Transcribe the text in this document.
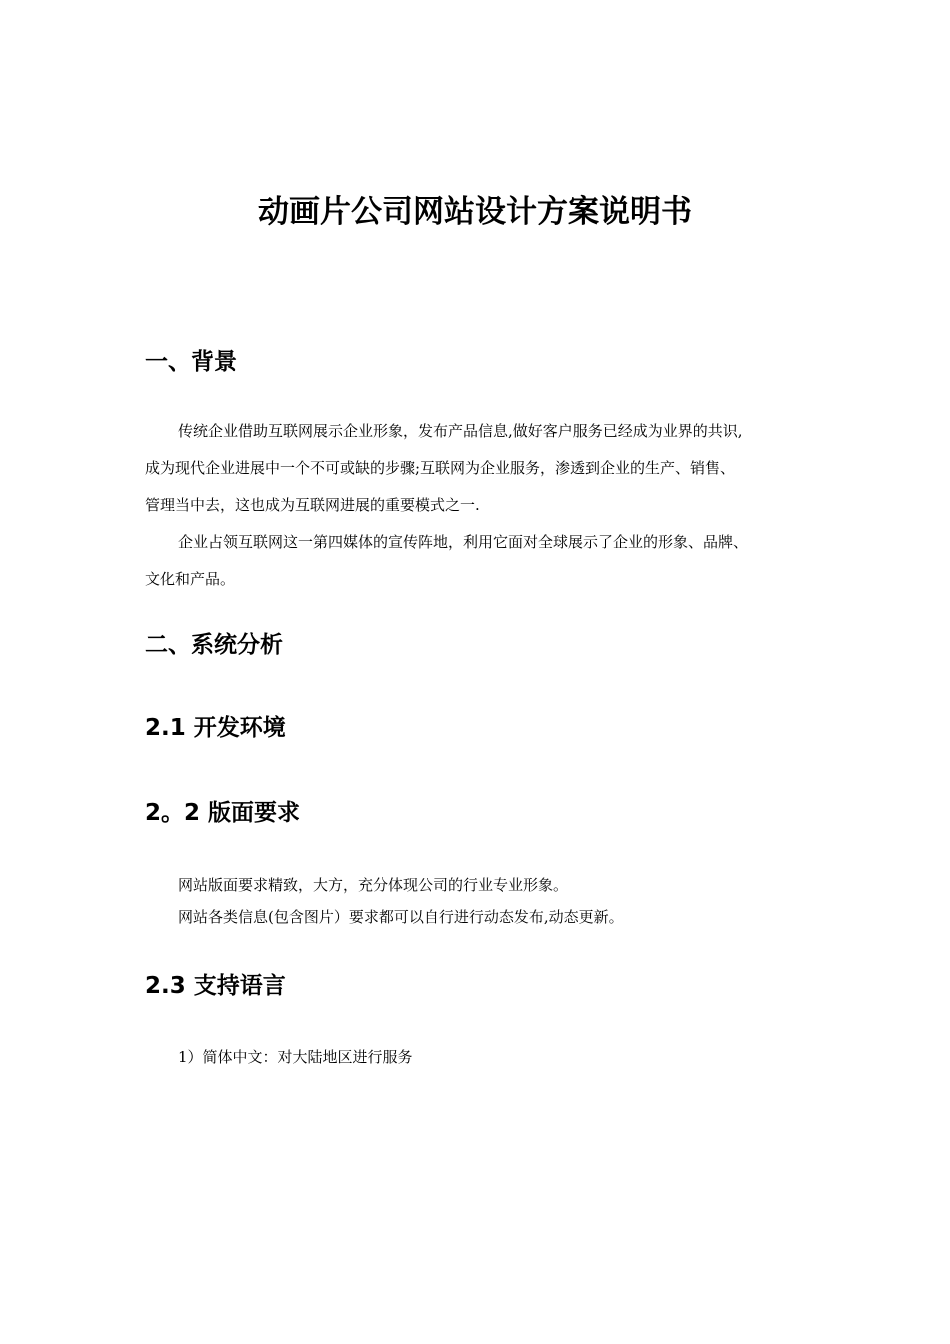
动画片公司网站设计方案说明书
一、背景
传统企业借助互联网展示企业形象，发布产品信息,做好客户服务已经成为业界的共识,
成为现代企业进展中一个不可或缺的步骤;互联网为企业服务，渗透到企业的生产、销售、
管理当中去，这也成为互联网进展的重要模式之一.
企业占领互联网这一第四媒体的宣传阵地，利用它面对全球展示了企业的形象、品牌、
文化和产品。
二、系统分析
2.1 开发环境
2。2 版面要求
网站版面要求精致，大方，充分体现公司的行业专业形象。
网站各类信息(包含图片）要求都可以自行进行动态发布,动态更新。
2.3 支持语言
1）简体中文：对大陆地区进行服务
